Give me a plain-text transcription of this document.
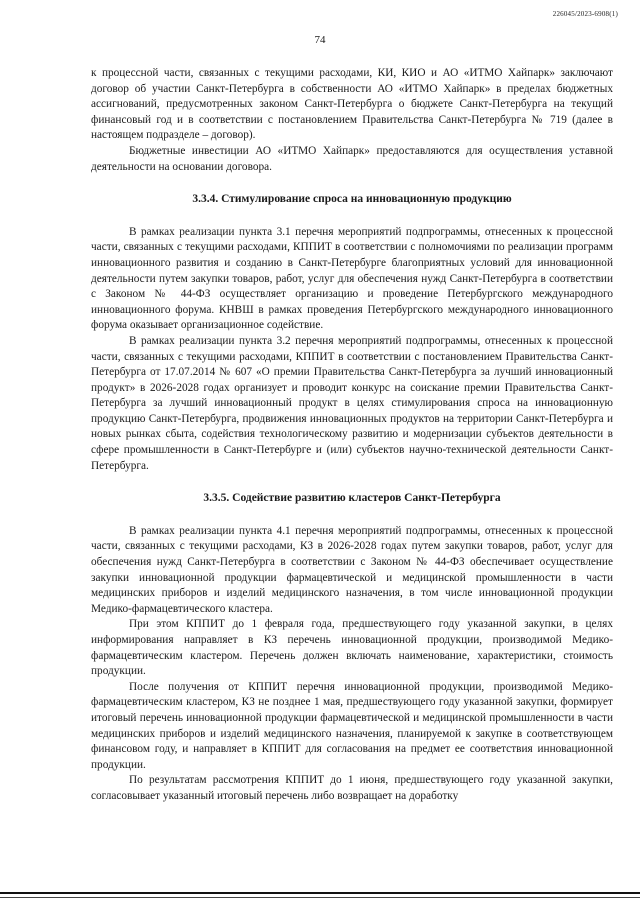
226045/2023-6908(1)
74

к процессной части, связанных с текущими расходами, КИ, КИО и АО «ИТМО Хайпарк» заключают договор об участии Санкт-Петербурга в собственности АО «ИТМО Хайпарк» в пределах бюджетных ассигнований, предусмотренных законом Санкт-Петербурга о бюджете Санкт-Петербурга на текущий финансовый год и в соответствии с постановлением Правительства Санкт-Петербурга № 719 (далее в настоящем подразделе – договор).

Бюджетные инвестиции АО «ИТМО Хайпарк» предоставляются для осуществления уставной деятельности на основании договора.

3.3.4. Стимулирование спроса на инновационную продукцию

В рамках реализации пункта 3.1 перечня мероприятий подпрограммы, отнесенных к процессной части, связанных с текущими расходами, КППИТ в соответствии с полномочиями по реализации программ инновационного развития и созданию в Санкт-Петербурге благоприятных условий для инновационной деятельности путем закупки товаров, работ, услуг для обеспечения нужд Санкт-Петербурга в соответствии с Законом № 44-ФЗ осуществляет организацию и проведение Петербургского международного инновационного форума. КНВШ в рамках проведения Петербургского международного инновационного форума оказывает организационное содействие.

В рамках реализации пункта 3.2 перечня мероприятий подпрограммы, отнесенных к процессной части, связанных с текущими расходами, КППИТ в соответствии с постановлением Правительства Санкт-Петербурга от 17.07.2014 № 607 «О премии Правительства Санкт-Петербурга за лучший инновационный продукт» в 2026-2028 годах организует и проводит конкурс на соискание премии Правительства Санкт-Петербурга за лучший инновационный продукт в целях стимулирования спроса на инновационную продукцию Санкт-Петербурга, продвижения инновационных продуктов на территории Санкт-Петербурга и новых рынках сбыта, содействия технологическому развитию и модернизации субъектов деятельности в сфере промышленности в Санкт-Петербурге и (или) субъектов научно-технической деятельности Санкт-Петербурга.

3.3.5. Содействие развитию кластеров Санкт-Петербурга

В рамках реализации пункта 4.1 перечня мероприятий подпрограммы, отнесенных к процессной части, связанных с текущими расходами, КЗ в 2026-2028 годах путем закупки товаров, работ, услуг для обеспечения нужд Санкт-Петербурга в соответствии с Законом № 44-ФЗ обеспечивает осуществление закупки инновационной продукции фармацевтической и медицинской промышленности в части медицинских приборов и изделий медицинского назначения, в том числе инновационной продукции Медико-фармацевтического кластера.

При этом КППИТ до 1 февраля года, предшествующего году указанной закупки, в целях информирования направляет в КЗ перечень инновационной продукции, производимой Медико-фармацевтическим кластером. Перечень должен включать наименование, характеристики, стоимость продукции.

После получения от КППИТ перечня инновационной продукции, производимой Медико-фармацевтическим кластером, КЗ не позднее 1 мая, предшествующего году указанной закупки, формирует итоговый перечень инновационной продукции фармацевтической и медицинской промышленности в части медицинских приборов и изделий медицинского назначения, планируемой к закупке в соответствующем финансовом году, и направляет в КППИТ для согласования на предмет ее соответствия инновационной продукции.

По результатам рассмотрения КППИТ до 1 июня, предшествующего году указанной закупки, согласовывает указанный итоговый перечень либо возвращает на доработку
